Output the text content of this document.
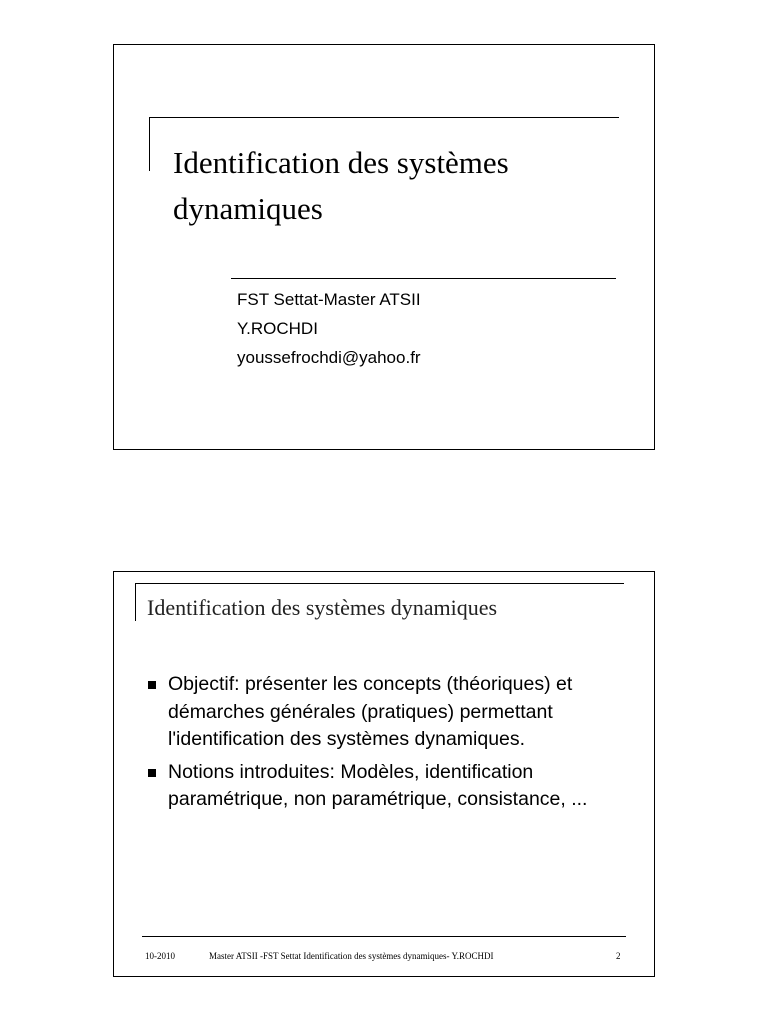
Identification des systèmes dynamiques
FST Settat-Master ATSII
Y.ROCHDI
youssefrochdi@yahoo.fr
Identification des systèmes dynamiques
Objectif: présenter les concepts (théoriques) et démarches générales (pratiques) permettant l'identification des systèmes dynamiques.
Notions introduites: Modèles, identification paramétrique, non paramétrique, consistance, ...
10-2010	Master ATSII -FST Settat Identification des systèmes dynamiques- Y.ROCHDI	2
